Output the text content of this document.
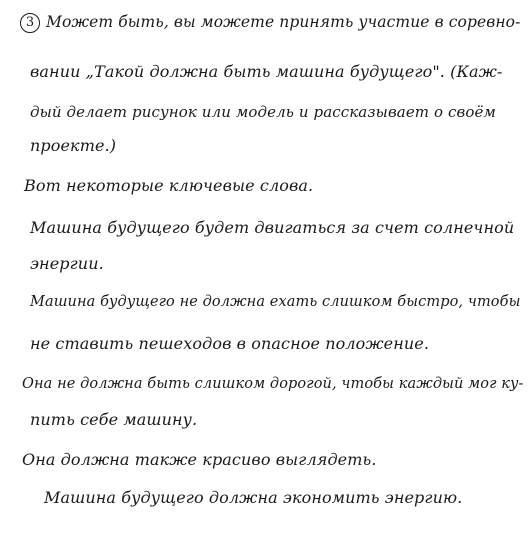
3 Может быть, вы можете принять участие в соревно-
вании „Такой должна быть машина будущего". (Каж-
дый делает рисунок или модель и рассказывает о своём
проекте.)
Вот некоторые ключевые слова.
Машина будущего будет двигаться за счет солнечной
энергии.
Машина будущего не должна ехать слишком быстро, чтобы
не ставить пешеходов в опасное положение.
Она не должна быть слишком дорогой, чтобы каждый мог ку-
пить себе машину.
Она должна также красиво выглядеть.
Машина будущего должна экономить энергию.
